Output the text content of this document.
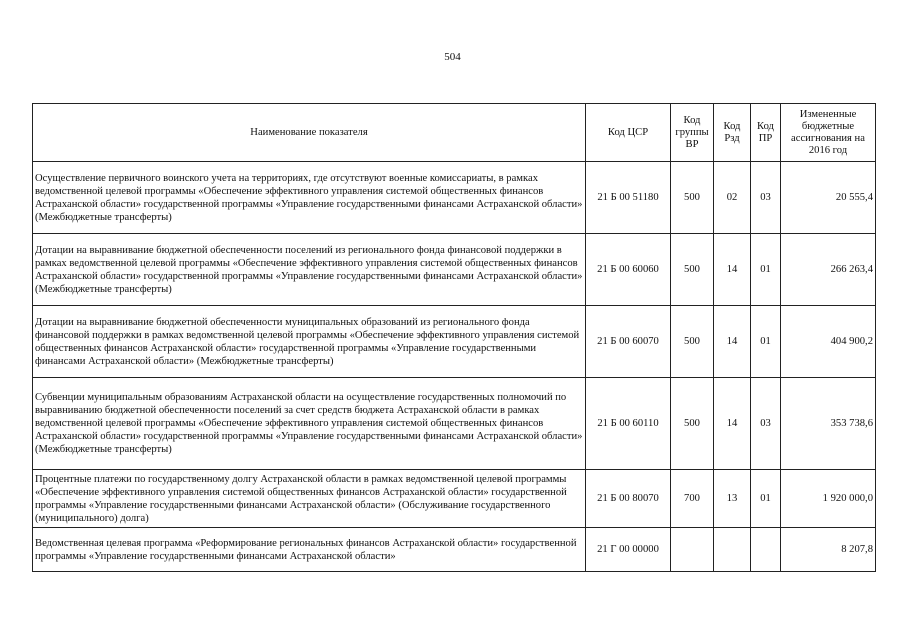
504
Наименование показателя	Код ЦСР	Код группы ВР	Код Рзд	Код ПР	Измененные бюджетные ассигнования на 2016 год
Осуществление первичного воинского учета на территориях, где отсутствуют военные комиссариаты, в рамках ведомственной целевой программы «Обеспечение эффективного управления системой общественных финансов Астраханской области» государственной программы «Управление государственными финансами Астраханской области» (Межбюджетные трансферты)	21 Б 00 51180	500	02	03	20 555,4
Дотации на выравнивание бюджетной обеспеченности поселений из регионального фонда финансовой поддержки в рамках ведомственной целевой программы «Обеспечение эффективного управления системой общественных финансов Астраханской области» государственной программы «Управление государственными финансами Астраханской области» (Межбюджетные трансферты)	21 Б 00 60060	500	14	01	266 263,4
Дотации на выравнивание бюджетной обеспеченности муниципальных образований из регионального фонда финансовой поддержки в рамках ведомственной целевой программы «Обеспечение эффективного управления системой общественных финансов Астраханской области» государственной программы «Управление государственными финансами Астраханской области» (Межбюджетные трансферты)	21 Б 00 60070	500	14	01	404 900,2
Субвенции муниципальным образованиям Астраханской области на осуществление государственных полномочий по выравниванию бюджетной обеспеченности поселений за счет средств бюджета Астраханской области в рамках ведомственной целевой программы «Обеспечение эффективного управления системой общественных финансов Астраханской области» государственной программы «Управление государственными финансами Астраханской области» (Межбюджетные трансферты)	21 Б 00 60110	500	14	03	353 738,6
Процентные платежи по государственному долгу Астраханской области в рамках ведомственной целевой программы «Обеспечение эффективного управления системой общественных финансов Астраханской области» государственной программы «Управление государственными финансами Астраханской области» (Обслуживание государственного (муниципального) долга)	21 Б 00 80070	700	13	01	1 920 000,0
Ведомственная целевая программа «Реформирование региональных финансов Астраханской области» государственной программы «Управление государственными финансами Астраханской области»	21 Г 00 00000				8 207,8
